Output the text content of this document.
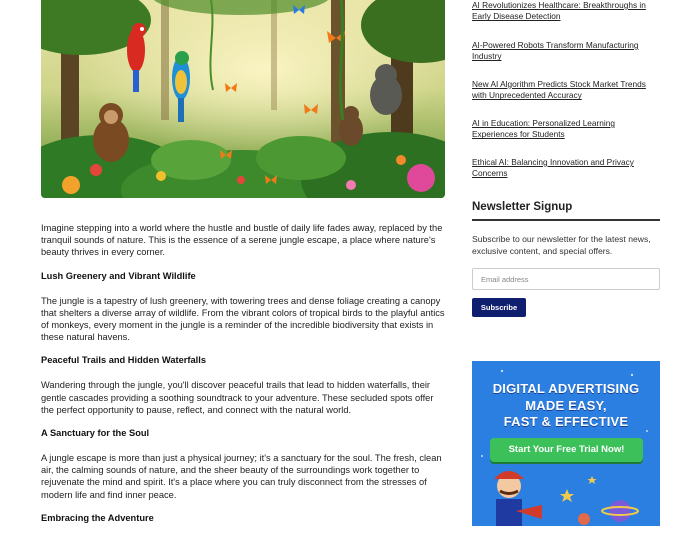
Imagine stepping into a world where the hustle and bustle of daily life fades away, replaced by the tranquil sounds of nature. This is the essence of a serene jungle escape, a place where nature's beauty thrives in every corner.

Lush Greenery and Vibrant Wildlife

The jungle is a tapestry of lush greenery, with towering trees and dense foliage creating a canopy that shelters a diverse array of wildlife. From the vibrant colors of tropical birds to the playful antics of monkeys, every moment in the jungle is a reminder of the incredible biodiversity that exists in these natural havens.

Peaceful Trails and Hidden Waterfalls

Wandering through the jungle, you'll discover peaceful trails that lead to hidden waterfalls, their gentle cascades providing a soothing soundtrack to your adventure. These secluded spots offer the perfect opportunity to pause, reflect, and connect with the natural world.

A Sanctuary for the Soul

A jungle escape is more than just a physical journey; it's a sanctuary for the soul. The fresh, clean air, the calming sounds of nature, and the sheer beauty of the surroundings work together to rejuvenate the mind and spirit. It's a place where you can truly disconnect from the stresses of modern life and find inner peace.

Embracing the Adventure
AI Revolutionizes Healthcare: Breakthroughs in Early Disease Detection
AI-Powered Robots Transform Manufacturing Industry
New AI Algorithm Predicts Stock Market Trends with Unprecedented Accuracy
AI in Education: Personalized Learning Experiences for Students
Ethical AI: Balancing Innovation and Privacy Concerns
Newsletter Signup
Subscribe to our newsletter for the latest news, exclusive content, and special offers.
Email address
Subscribe
DIGITAL ADVERTISING
MADE EASY,
FAST & EFFECTIVE
Start Your Free Trial Now!
